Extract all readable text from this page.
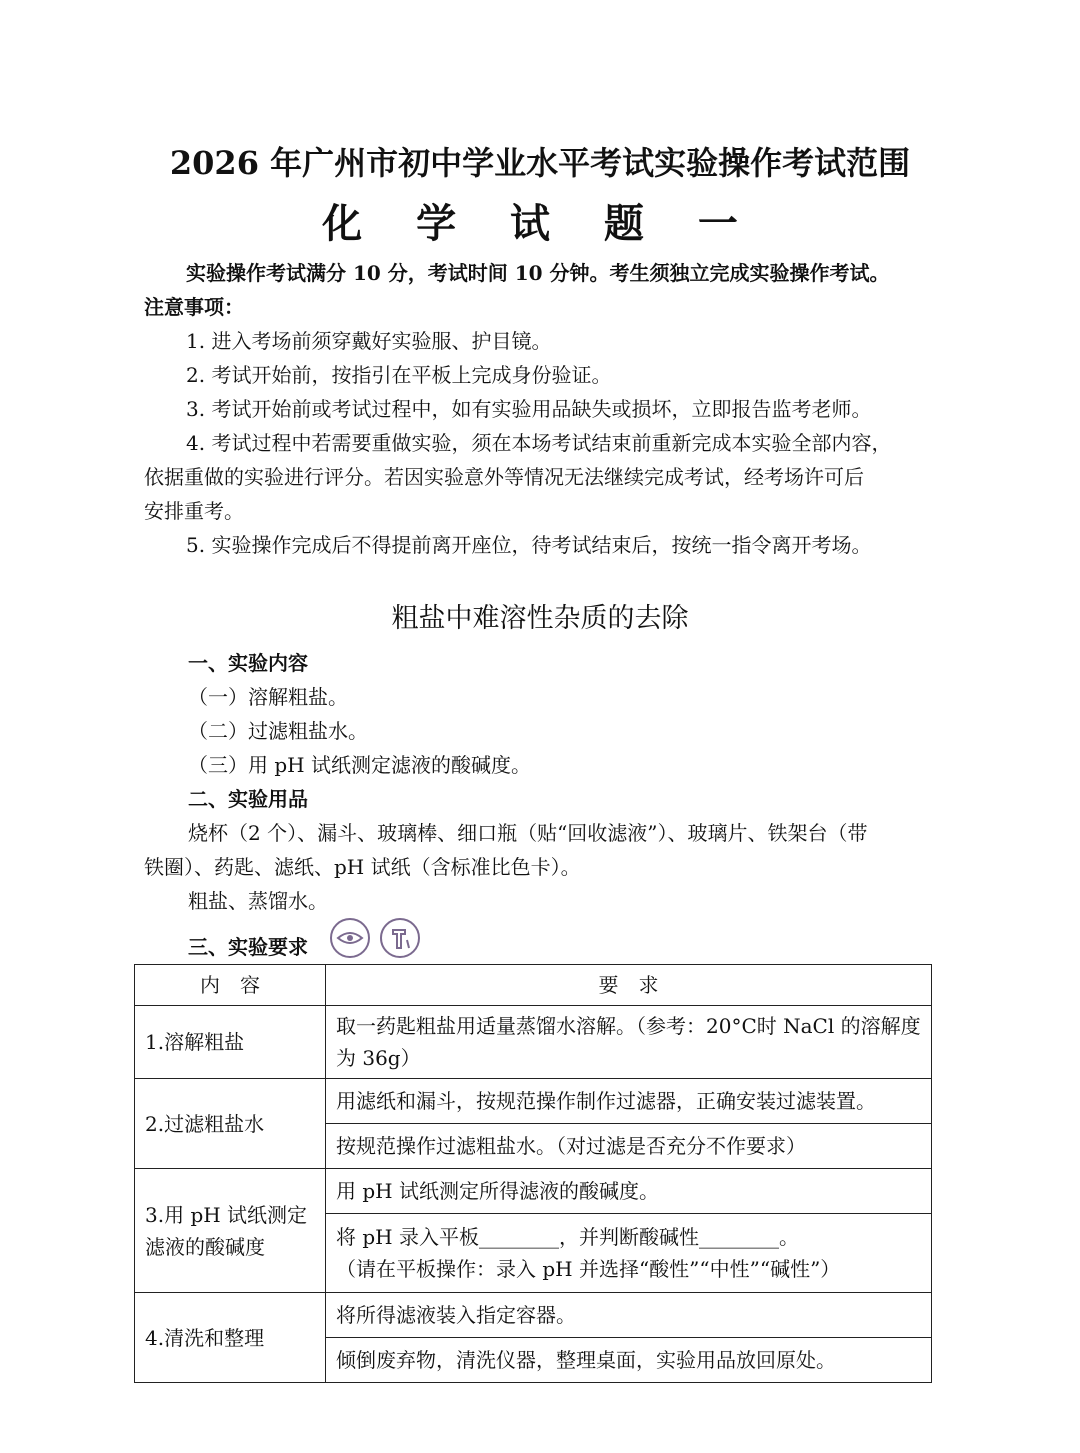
2026 年广州市初中学业水平考试实验操作考试范围
化 学 试 题 一
实验操作考试满分 10 分，考试时间 10 分钟。考生须独立完成实验操作考试。
注意事项：
1. 进入考场前须穿戴好实验服、护目镜。
2. 考试开始前，按指引在平板上完成身份验证。
3. 考试开始前或考试过程中，如有实验用品缺失或损坏，立即报告监考老师。
4. 考试过程中若需要重做实验，须在本场考试结束前重新完成本实验全部内容，
依据重做的实验进行评分。若因实验意外等情况无法继续完成考试，经考场许可后
安排重考。
5. 实验操作完成后不得提前离开座位，待考试结束后，按统一指令离开考场。
粗盐中难溶性杂质的去除
一、实验内容
（一）溶解粗盐。
（二）过滤粗盐水。
（三）用 pH 试纸测定滤液的酸碱度。
二、实验用品
烧杯（2 个）、漏斗、玻璃棒、细口瓶（贴“回收滤液”）、玻璃片、铁架台（带
铁圈）、药匙、滤纸、pH 试纸（含标准比色卡）。
粗盐、蒸馏水。
三、实验要求
内　容	要　求
1.溶解粗盐	取一药匙粗盐用适量蒸馏水溶解。（参考：20°C时 NaCl 的溶解度为 36g）
2.过滤粗盐水	用滤纸和漏斗，按规范操作制作过滤器，正确安装过滤装置。
	按规范操作过滤粗盐水。（对过滤是否充分不作要求）
3.用 pH 试纸测定滤液的酸碱度	用 pH 试纸测定所得滤液的酸碱度。

	将 pH 录入平板________，并判断酸碱性________。
（请在平板操作：录入 pH 并选择“酸性”“中性”“碱性”）

4.清洗和整理	将所得滤液装入指定容器。
	倾倒废弃物，清洗仪器，整理桌面，实验用品放回原处。
